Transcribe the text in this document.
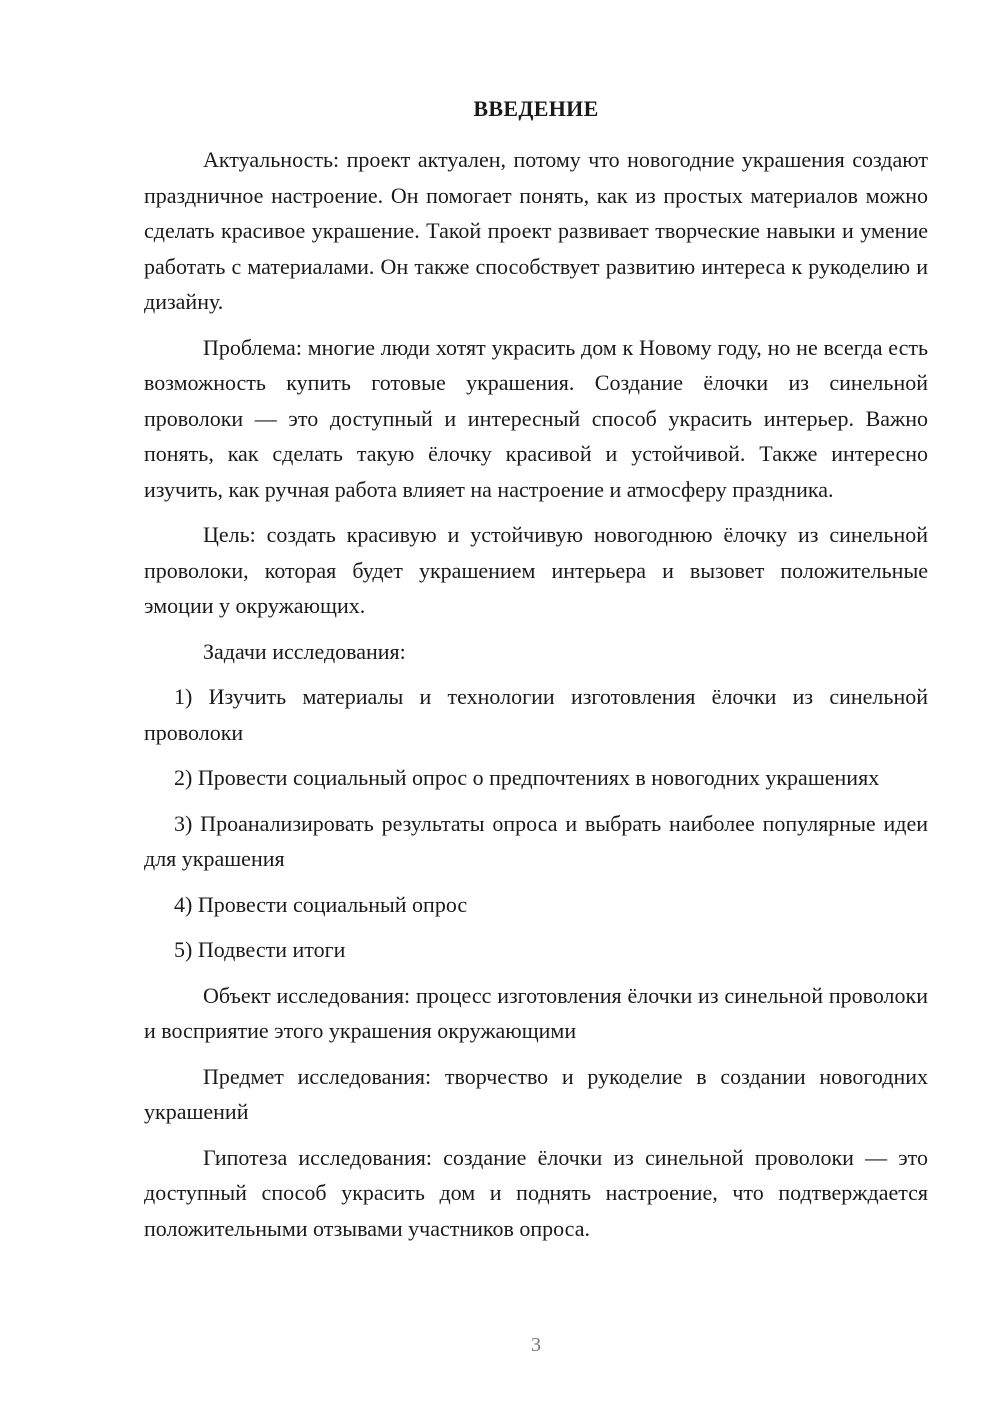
ВВЕДЕНИЕ

Актуальность: проект актуален, потому что новогодние украшения создают праздничное настроение. Он помогает понять, как из простых материалов можно сделать красивое украшение. Такой проект развивает творческие навыки и умение работать с материалами. Он также способствует развитию интереса к рукоделию и дизайну.

Проблема: многие люди хотят украсить дом к Новому году, но не всегда есть возможность купить готовые украшения. Создание ёлочки из синельной проволоки — это доступный и интересный способ украсить интерьер. Важно понять, как сделать такую ёлочку красивой и устойчивой. Также интересно изучить, как ручная работа влияет на настроение и атмосферу праздника.

Цель: создать красивую и устойчивую новогоднюю ёлочку из синельной проволоки, которая будет украшением интерьера и вызовет положительные эмоции у окружающих.

Задачи исследования:

1) Изучить материалы и технологии изготовления ёлочки из синельной проволоки

2) Провести социальный опрос о предпочтениях в новогодних украшениях

3) Проанализировать результаты опроса и выбрать наиболее популярные идеи для украшения

4) Провести социальный опрос

5) Подвести итоги

Объект исследования: процесс изготовления ёлочки из синельной проволоки и восприятие этого украшения окружающими

Предмет исследования: творчество и рукоделие в создании новогодних украшений

Гипотеза исследования: создание ёлочки из синельной проволоки — это доступный способ украсить дом и поднять настроение, что подтверждается положительными отзывами участников опроса.

3
